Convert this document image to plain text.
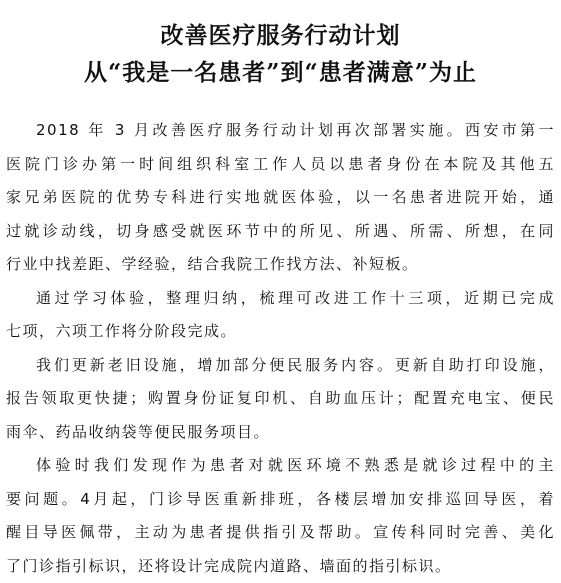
改善医疗服务行动计划
从“我是一名患者”到“患者满意”为止
2018 年 3 月改善医疗服务行动计划再次部署实施。西安市第一
医院门诊办第一时间组织科室工作人员以患者身份在本院及其他五
家兄弟医院的优势专科进行实地就医体验，以一名患者进院开始，通
过就诊动线，切身感受就医环节中的所见、所遇、所需、所想，在同
行业中找差距、学经验，结合我院工作找方法、补短板。
通过学习体验，整理归纳，梳理可改进工作十三项，近期已完成
七项，六项工作将分阶段完成。
我们更新老旧设施，增加部分便民服务内容。更新自助打印设施，
报告领取更快捷；购置身份证复印机、自助血压计；配置充电宝、便民
雨伞、药品收纳袋等便民服务项目。
体验时我们发现作为患者对就医环境不熟悉是就诊过程中的主
要问题。4月起，门诊导医重新排班，各楼层增加安排巡回导医，着
醒目导医佩带，主动为患者提供指引及帮助。宣传科同时完善、美化
了门诊指引标识，还将设计完成院内道路、墙面的指引标识。
